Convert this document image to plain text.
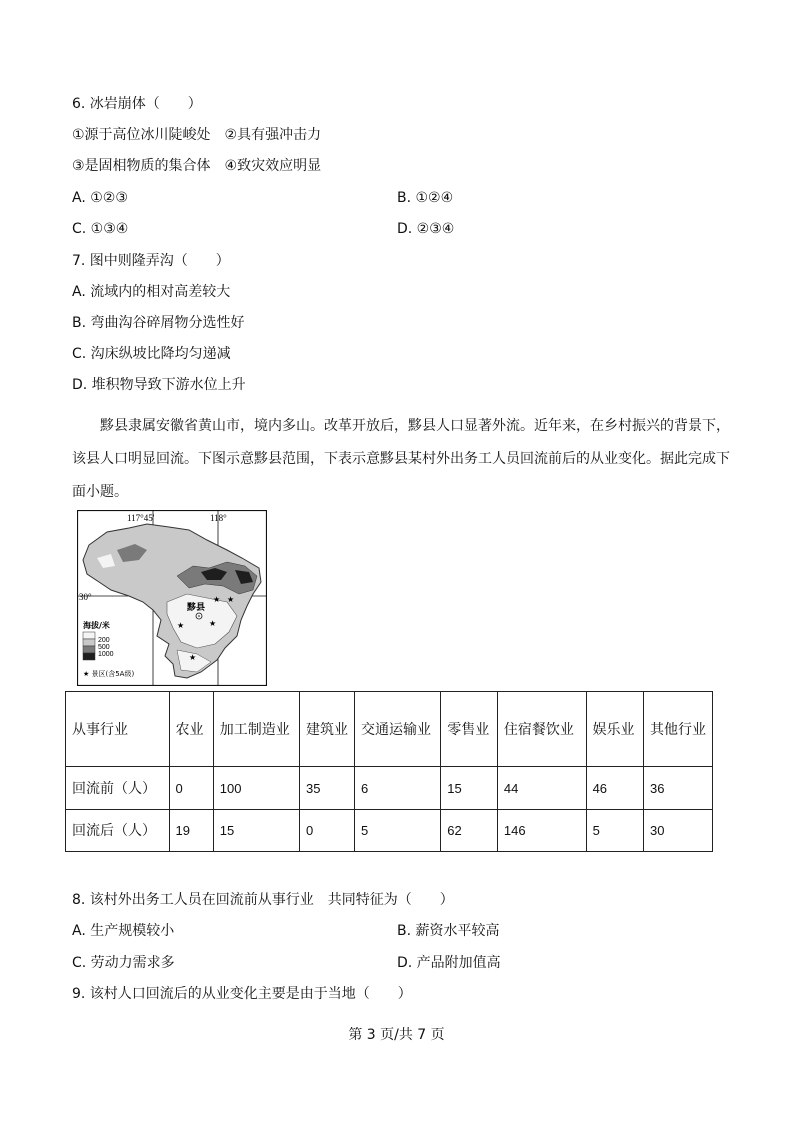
6. 冰岩崩体（　　）
①源于高位冰川陡峻处　②具有强冲击力
③是固相物质的集合体　④致灾效应明显
A. ①②③	B. ①②④
C. ①③④	D. ②③④
7. 图中则隆弄沟（　　）
A. 流域内的相对高差较大
B. 弯曲沟谷碎屑物分选性好
C. 沟床纵坡比降均匀递减
D. 堆积物导致下游水位上升
黟县隶属安徽省黄山市，境内多山。改革开放后，黟县人口显著外流。近年来，在乡村振兴的背景下，该县人口明显回流。下图示意黟县范围，下表示意黟县某村外出务工人员回流前后的从业变化。据此完成下面小题。
117°45'	118°
30°
黟县
★
★	★
★
★
海拔/米
200
500
1000
★ 景区(含5A级)
从事行业	农业	加工制造业	建筑业	交通运输业	零售业	住宿餐饮业	娱乐业	其他行业
回流前（人）	0	100	35	6	15	44	46	36
回流后（人）	19	15	0	5	62	146	5	30
8. 该村外出务工人员在回流前从事行业　共同特征为（　　）
A. 生产规模较小	B. 薪资水平较高
C. 劳动力需求多	D. 产品附加值高
9. 该村人口回流后的从业变化主要是由于当地（　　）
第 3 页/共 7 页
